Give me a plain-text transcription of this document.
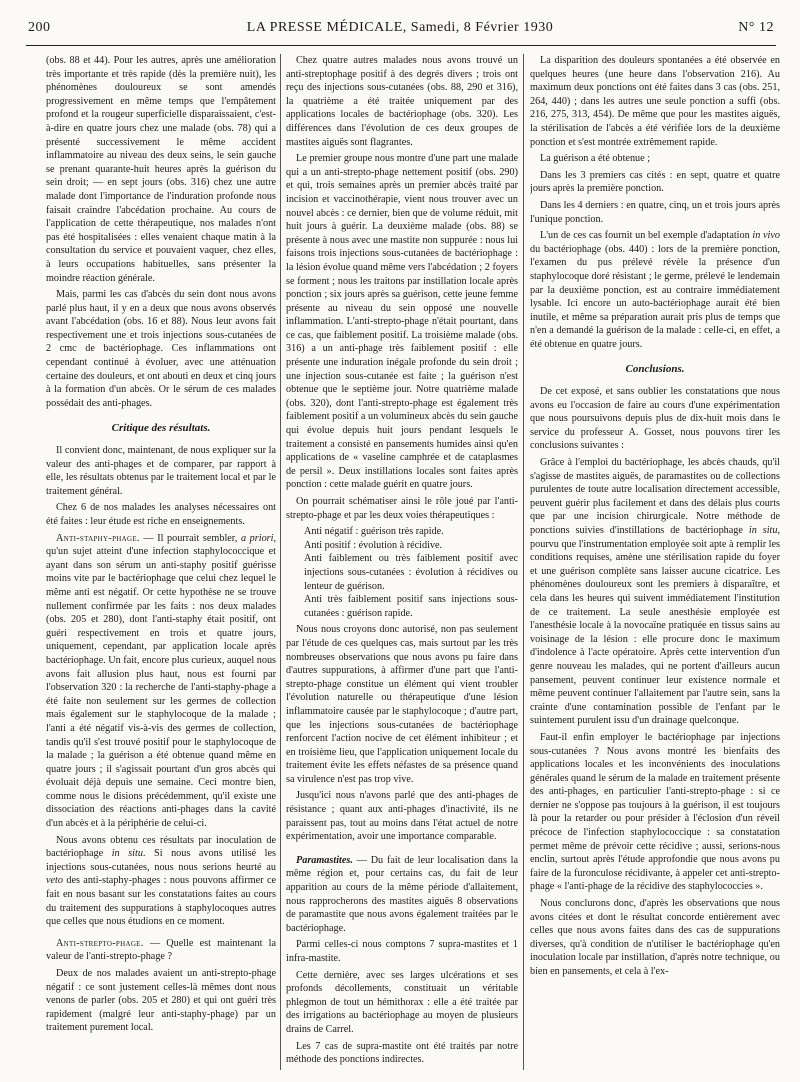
200	LA PRESSE MÉDICALE, Samedi, 8 Février 1930	N° 12

(obs. 88 et 44). Pour les autres, après une amélioration très importante et très rapide (dès la première nuit), les phénomènes douloureux se sont amendés progressivement en même temps que l'empâtement profond et la rougeur superficielle disparaissaient, c'est-à-dire en quatre jours chez une malade (obs. 78) qui a présenté successivement le même accident inflammatoire au niveau des deux seins, le sein gauche se prenant quarante-huit heures après la guérison du sein droit; — en sept jours (obs. 316) chez une autre malade dont l'importance de l'induration profonde nous faisait craindre l'abcédation prochaine. Au cours de l'application de cette thérapeutique, nos malades n'ont pas été hospitalisées : elles venaient chaque matin à la consultation du service et pouvaient vaquer, chez elles, à leurs occupations habituelles, sans présenter la moindre réaction générale.

Mais, parmi les cas d'abcès du sein dont nous avons parlé plus haut, il y en a deux que nous avons observés avant l'abcédation (obs. 16 et 88). Nous leur avons fait respectivement une et trois injections sous-cutanées de 2 cmc de bactériophage. Ces inflammations ont cependant continué à évoluer, avec une atténuation certaine des douleurs, et ont abouti en deux et cinq jours à la formation d'un abcès. Or le sérum de ces malades possédait des anti-phages.

Critique des résultats.

Il convient donc, maintenant, de nous expliquer sur la valeur des anti-phages et de comparer, par rapport à elle, les résultats obtenus par le traitement local et par le traitement général.

Chez 6 de nos malades les analyses nécessaires ont été faites : leur étude est riche en enseignements.

Anti-staphy-phage. — Il pourrait sembler, a priori, qu'un sujet atteint d'une infection staphylococcique et ayant dans son sérum un anti-staphy positif guérisse moins vite par le bactériophage que celui chez lequel le même anti est négatif. Or cette hypothèse ne se trouve nullement confirmée par les faits : nos deux malades (obs. 205 et 280), dont l'anti-staphy était positif, ont guéri respectivement en trois et quatre jours, uniquement, cependant, par application locale après bactériophage. Un fait, encore plus curieux, auquel nous avons fait allusion plus haut, nous est fourni par l'observation 320 : la recherche de l'anti-staphy-phage a été faite non seulement sur les germes de collection mais également sur le staphylocoque de la malade ; l'anti a été négatif vis-à-vis des germes de collection, tandis qu'il s'est trouvé positif pour le staphylocoque de la malade ; la guérison a été obtenue quand même en quatre jours ; il s'agissait pourtant d'un gros abcès qui évoluait déjà depuis une semaine. Ceci montre bien, comme nous le disions précédemment, qu'il existe une dissociation des réactions anti-phages dans la cavité d'un abcès et à la périphérie de celui-ci.

Nous avons obtenu ces résultats par inoculation de bactériophage in situ. Si nous avons utilisé les injections sous-cutanées, nous nous serions heurté au veto des anti-staphy-phages : nous pouvons affirmer ce fait en nous basant sur les constatations faites au cours du traitement des suppurations à staphylocoques autres que celles que nous étudions en ce moment.

Anti-strepto-phage. — Quelle est maintenant la valeur de l'anti-strepto-phage ?

Deux de nos malades avaient un anti-strepto-phage négatif : ce sont justement celles-là mêmes dont nous venons de parler (obs. 205 et 280) et qui ont guéri très rapidement (malgré leur anti-staphy-phage) par un traitement purement local.

Chez quatre autres malades nous avons trouvé un anti-streptophage positif à des degrés divers ; trois ont reçu des injections sous-cutanées (obs. 88, 290 et 316), la quatrième a été traitée uniquement par des applications locales de bactériophage (obs. 320). Les différences dans l'évolution de ces deux groupes de mastites aiguës sont flagrantes.

Le premier groupe nous montre d'une part une malade qui a un anti-strepto-phage nettement positif (obs. 290) et qui, trois semaines après un premier abcès traité par incision et vaccinothérapie, vient nous trouver avec un nouvel abcès : ce dernier, bien que de volume réduit, mit huit jours à guérir. La deuxième malade (obs. 88) se présente à nous avec une mastite non suppurée : nous lui faisons trois injections sous-cutanées de bactériophage : la lésion évolue quand même vers l'abcédation ; 2 foyers se forment ; nous les traitons par instillation locale après ponction ; six jours après sa guérison, cette jeune femme présente au niveau du sein opposé une nouvelle inflammation. L'anti-strepto-phage n'était pourtant, dans ce cas, que faiblement positif. La troisième malade (obs. 316) a un anti-phage très faiblement positif : elle présente une induration inégale profonde du sein droit ; une injection sous-cutanée est faite ; la guérison n'est obtenue que le septième jour. Notre quatrième malade (obs. 320), dont l'anti-strepto-phage est également très faiblement positif a un volumineux abcès du sein gauche qui évolue depuis huit jours pendant lesquels le traitement a consisté en pansements humides ainsi qu'en applications de « vaseline camphrée et de cataplasmes de persil ». Deux instillations locales sont faites après ponction : cette malade guérit en quatre jours.

On pourrait schématiser ainsi le rôle joué par l'anti-strepto-phage et par les deux voies thérapeutiques :

Anti négatif : guérison très rapide.
Anti positif : évolution à récidive.
Anti faiblement ou très faiblement positif avec injections sous-cutanées : évolution à récidives ou lenteur de guérison.
Anti très faiblement positif sans injections sous-cutanées : guérison rapide.

Nous nous croyons donc autorisé, non pas seulement par l'étude de ces quelques cas, mais surtout par les très nombreuses observations que nous avons pu faire dans d'autres suppurations, à affirmer d'une part que l'anti-strepto-phage constitue un élément qui vient troubler l'évolution naturelle ou thérapeutique d'une lésion inflammatoire causée par le staphylocoque ; d'autre part, que les injections sous-cutanées de bactériophage renforcent l'action nocive de cet élément inhibiteur ; et en troisième lieu, que l'application uniquement locale du traitement évite les effets néfastes de sa présence quand sa virulence n'est pas trop vive.

Jusqu'ici nous n'avons parlé que des anti-phages de résistance ; quant aux anti-phages d'inactivité, ils ne paraissent pas, tout au moins dans l'état actuel de notre expérimentation, avoir une importance comparable.

Paramastites. — Du fait de leur localisation dans la même région et, pour certains cas, du fait de leur apparition au cours de la même période d'allaitement, nous rapprocherons des mastites aiguës 8 observations de paramastite que nous avons également traitées par le bactériophage.

Parmi celles-ci nous comptons 7 supra-mastites et 1 infra-mastite.

Cette dernière, avec ses larges ulcérations et ses profonds décollements, constituait un véritable phlegmon de tout un hémithorax : elle a été traitée par des irrigations au bactériophage au moyen de plusieurs drains de Carrel.

Les 7 cas de supra-mastite ont été traités par notre méthode des ponctions indirectes.

La disparition des douleurs spontanées a été observée en quelques heures (une heure dans l'observation 216). Au maximum deux ponctions ont été faites dans 3 cas (obs. 251, 264, 440) ; dans les autres une seule ponction a suffi (obs. 216, 275, 313, 454). De même que pour les mastites aiguës, la stérilisation de l'abcès a été vérifiée lors de la deuxième ponction et s'est montrée extrêmement rapide.

La guérison a été obtenue ;

Dans les 3 premiers cas cités : en sept, quatre et quatre jours après la première ponction.

Dans les 4 derniers : en quatre, cinq, un et trois jours après l'unique ponction.

L'un de ces cas fournit un bel exemple d'adaptation in vivo du bactériophage (obs. 440) : lors de la première ponction, l'examen du pus prélevé révèle la présence d'un staphylocoque doré résistant ; le germe, prélevé le lendemain par la deuxième ponction, est au contraire immédiatement lysable. Ici encore un auto-bactériophage aurait été bien inutile, et même sa préparation aurait pris plus de temps que n'en a demandé la guérison de la malade : celle-ci, en effet, a été obtenue en quatre jours.

Conclusions.

De cet exposé, et sans oublier les constatations que nous avons eu l'occasion de faire au cours d'une expérimentation que nous poursuivons depuis plus de dix-huit mois dans le service du professeur A. Gosset, nous pouvons tirer les conclusions suivantes :

Grâce à l'emploi du bactériophage, les abcès chauds, qu'il s'agisse de mastites aiguës, de paramastites ou de collections purulentes de toute autre localisation directement accessible, peuvent guérir plus facilement et dans des délais plus courts que par une incision chirurgicale. Notre méthode de ponctions suivies d'instillations de bactériophage in situ, pourvu que l'instrumentation employée soit apte à remplir les conditions requises, amène une stérilisation rapide du foyer et une guérison complète sans laisser aucune cicatrice. Les phénomènes douloureux sont les premiers à disparaître, et cela dans les heures qui suivent immédiatement l'institution de ce traitement. La seule anesthésie employée est l'anesthésie locale à la novocaïne pratiquée en tissus sains au voisinage de la lésion : elle procure donc le maximum d'indolence à l'acte opératoire. Après cette intervention d'un genre nouveau les malades, qui ne portent d'ailleurs aucun pansement, peuvent continuer leur existence normale et même peuvent continuer l'allaitement par l'autre sein, sans la crainte d'une contamination possible de l'enfant par le suintement purulent issu d'un drainage quelconque.

Faut-il enfin employer le bactériophage par injections sous-cutanées ? Nous avons montré les bienfaits des applications locales et les inconvénients des inoculations générales quand le sérum de la malade en traitement présente des anti-phages, en particulier l'anti-strepto-phage : si ce dernier ne s'oppose pas toujours à la guérison, il est toujours là pour la retarder ou pour présider à l'éclosion d'un réveil précoce de l'infection staphylococcique : sa constatation permet même de prévoir cette récidive ; aussi, serions-nous enclin, surtout après l'étude approfondie que nous avons pu faire de la furonculose récidivante, à appeler cet anti-strepto-phage « l'anti-phage de la récidive des staphylococcies ».

Nous conclurons donc, d'après les observations que nous avons citées et dont le résultat concorde entièrement avec celles que nous avons faites dans des cas de suppurations diverses, qu'à condition de n'utiliser le bactériophage qu'en inoculation locale par instillation, d'après notre technique, ou bien en pansements, et cela à l'ex-
